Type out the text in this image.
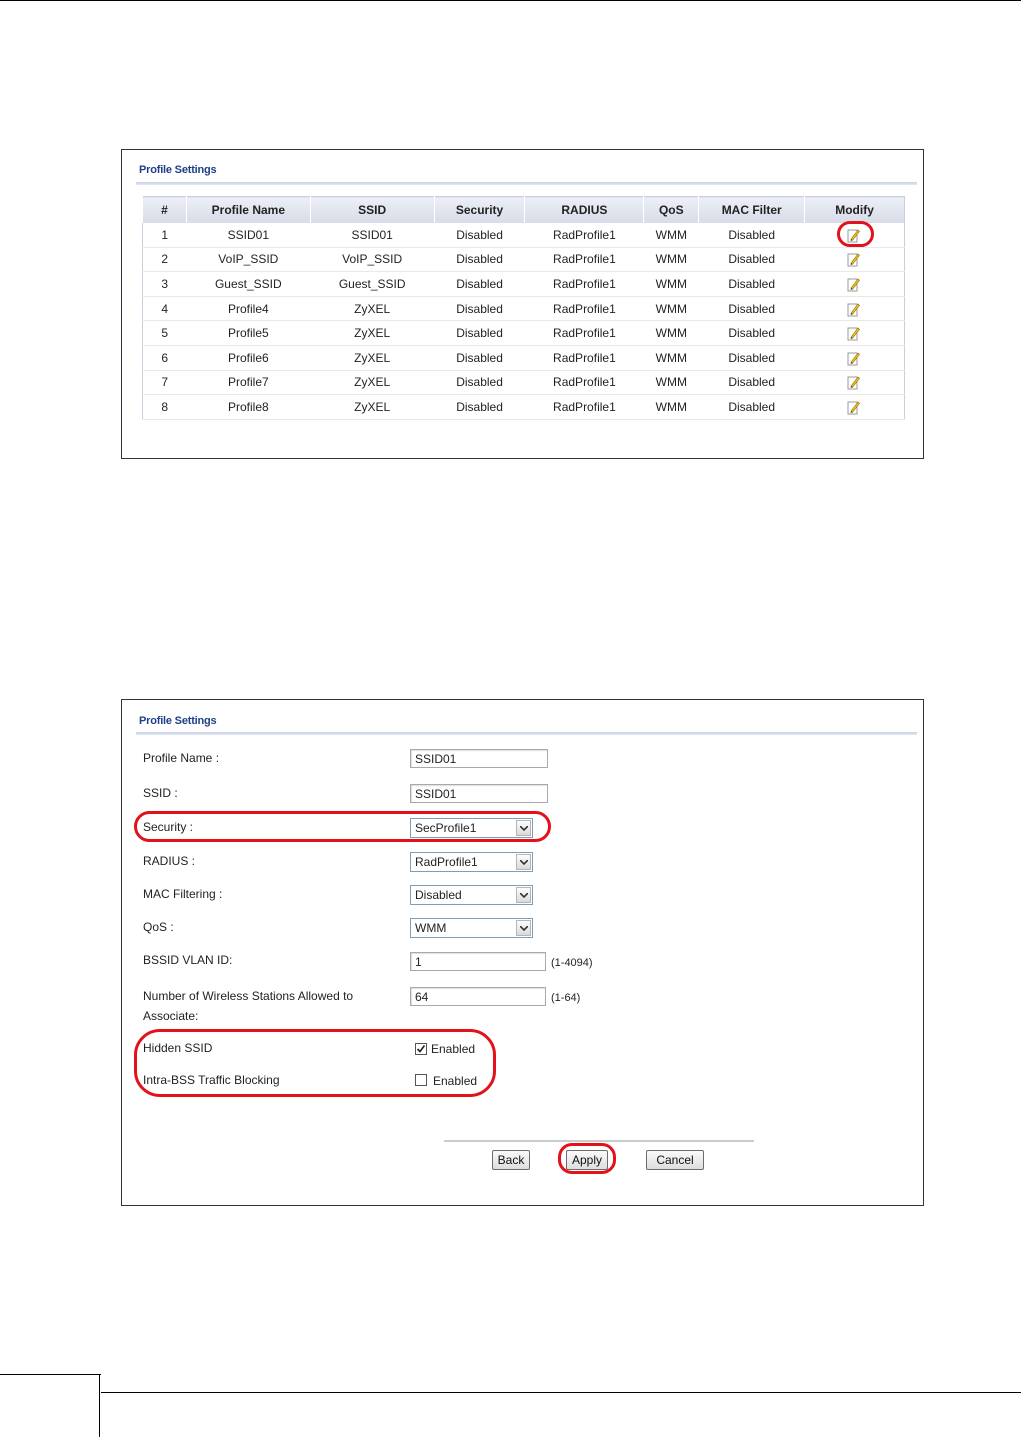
Profile Settings
#	Profile Name	SSID	Security	RADIUS	QoS	MAC Filter	Modify
1	SSID01	SSID01	Disabled	RadProfile1	WMM	Disabled	
2	VoIP_SSID	VoIP_SSID	Disabled	RadProfile1	WMM	Disabled	
3	Guest_SSID	Guest_SSID	Disabled	RadProfile1	WMM	Disabled	
4	Profile4	ZyXEL	Disabled	RadProfile1	WMM	Disabled	
5	Profile5	ZyXEL	Disabled	RadProfile1	WMM	Disabled	
6	Profile6	ZyXEL	Disabled	RadProfile1	WMM	Disabled	
7	Profile7	ZyXEL	Disabled	RadProfile1	WMM	Disabled	
8	Profile8	ZyXEL	Disabled	RadProfile1	WMM	Disabled	
Profile Settings
Profile Name :
SSID01
SSID :
SSID01
Security :	SecProfile1
RADIUS :	RadProfile1
MAC Filtering :	Disabled
QoS :	WMM
BSSID VLAN ID:
1	(1-4094)
Number of Wireless Stations Allowed to
Associate:
64
(1-64)
Hidden SSID	Enabled
Intra-BSS Traffic Blocking	Enabled
Back	Apply	Cancel
